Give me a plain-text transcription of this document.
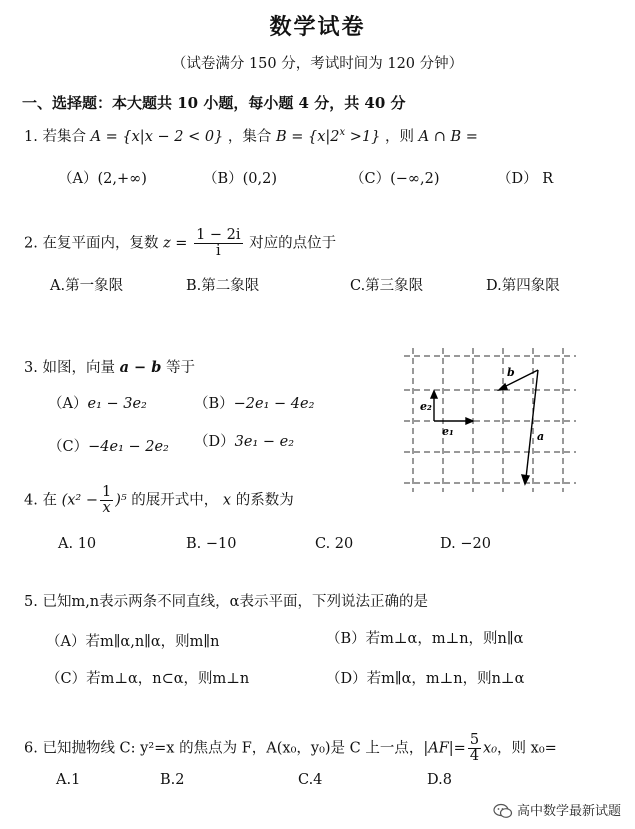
数学试卷
（试卷满分 150 分，考试时间为 120 分钟）
一、选择题：本大题共 10 小题，每小题 4 分，共 40 分
1. 若集合 A = {x|x − 2 < 0} ，集合 $B = \{x|2^x >1\}$ ，则 A ∩ B =
（A）(2,+∞)	（B）(0,2)	（C）(−∞,2)	（D） R
2. 在复平面内，复数 $z = \frac{1 - 2i}{i}$ 对应的点位于
A.第一象限	B.第二象限	C.第三象限	D.第四象限
3. 如图，向量 a − b 等于
（A）e₁ − 3e₂	（B）−2e₁ − 4e₂
（C）−4e₁ − 2e₂ （D）3e₁ − e₂
e₂
e₁
b
a
4. 在 $(x^2 - \frac{1}{x} )^5$ 的展开式中， x 的系数为
A. 10	B. −10	C. 20	D. −20
5. 已知m,n表示两条不同直线，α表示平面，下列说法正确的是
（A）若m∥α,n∥α，则m∥n	（B）若m⊥α，m⊥n，则n∥α
（C）若m⊥α，n⊂α，则m⊥n	（D）若m∥α，m⊥n，则n⊥α
6. 已知抛物线 C: y²=x 的焦点为 F，A(x₀，y₀)是 C 上一点，$|AF|= \frac{5}{4} x_0$，则 x₀=
A.1	B.2	C.4	D.8
高中数学最新试题
